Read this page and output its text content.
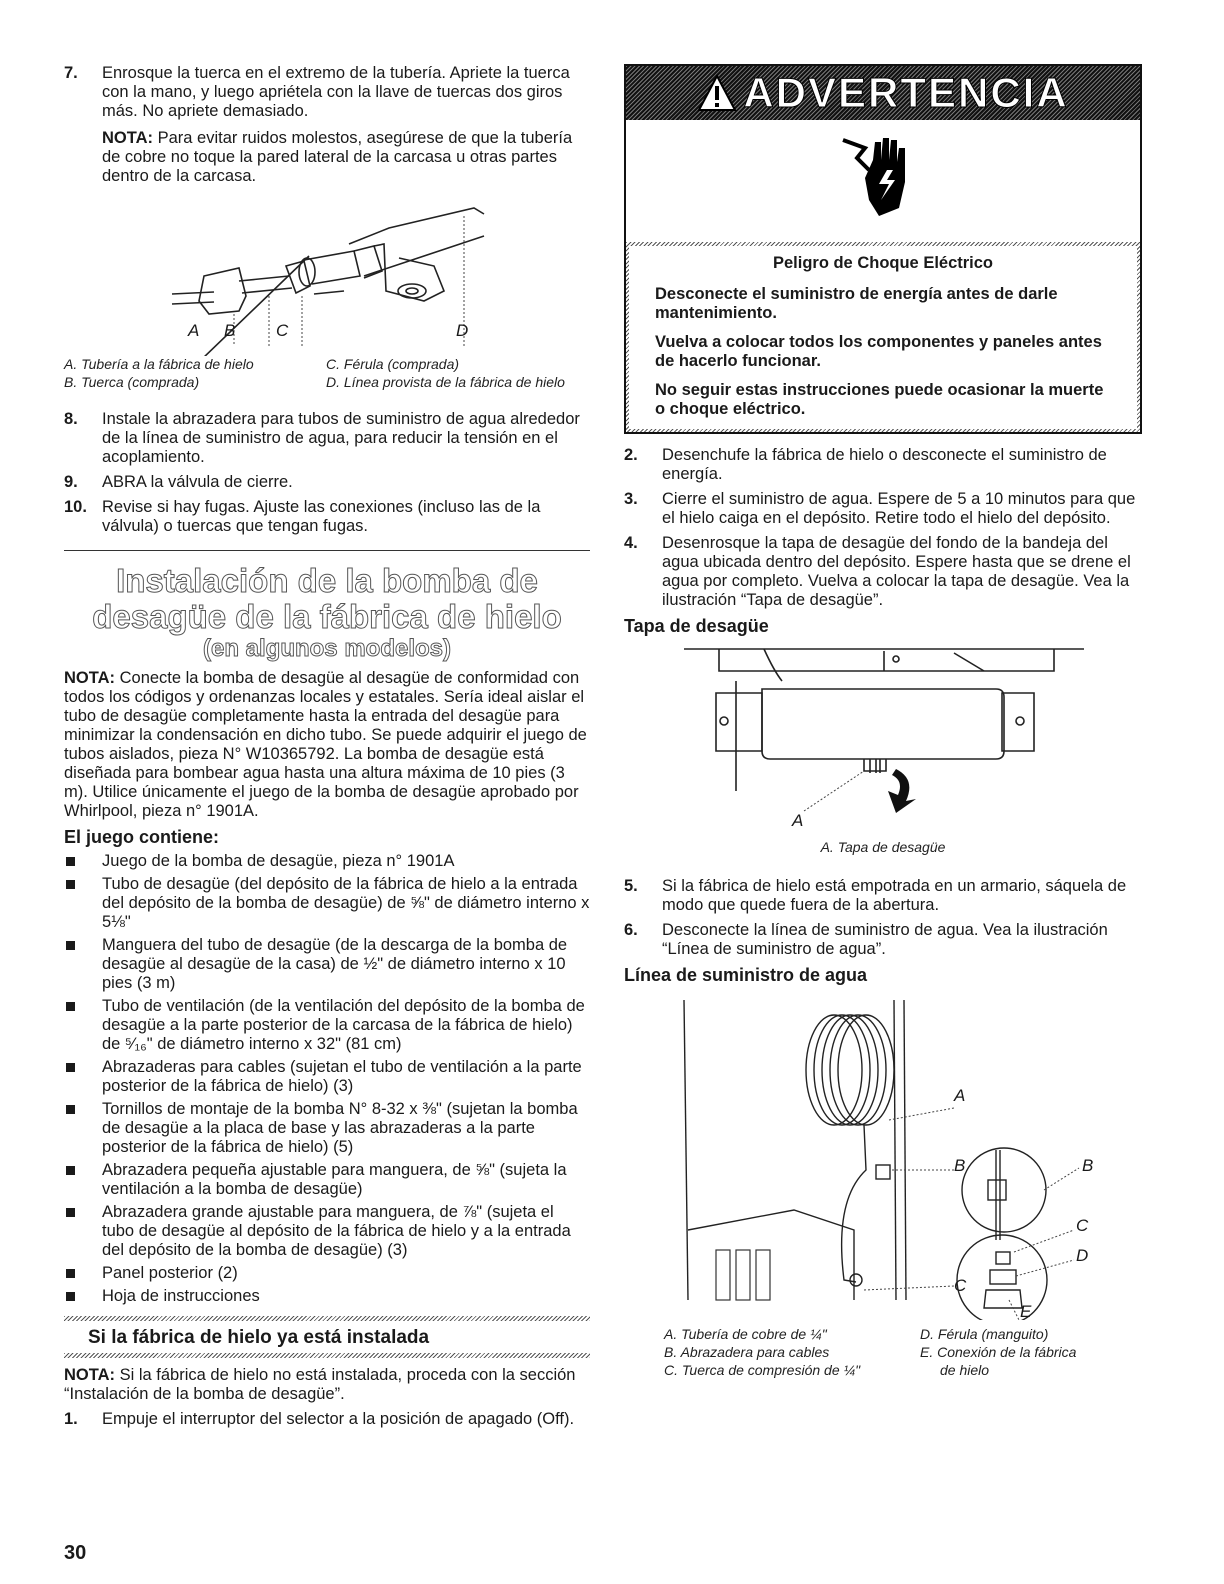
7. Enrosque la tuerca en el extremo de la tubería. Apriete la tuerca con la mano, y luego apriétela con la llave de tuercas dos giros más. No apriete demasiado.

NOTA: Para evitar ruidos molestos, asegúrese de que la tubería de cobre no toque la pared lateral de la carcasa u otras partes dentro de la carcasa.

A B C	D
A. Tubería a la fábrica de hielo
B. Tuerca (comprada)
C. Férula (comprada)
D. Línea provista de la fábrica de hielo
8. Instale la abrazadera para tubos de suministro de agua alrededor de la línea de suministro de agua, para reducir la tensión en el acoplamiento.
9. ABRA la válvula de cierre.
10. Revise si hay fugas. Ajuste las conexiones (incluso las de la válvula) o tuercas que tengan fugas.
Instalación de la bomba de
desagüe de la fábrica de hielo
(en algunos modelos)

NOTA: Conecte la bomba de desagüe al desagüe de conformidad con todos los códigos y ordenanzas locales y estatales. Sería ideal aislar el tubo de desagüe completamente hasta la entrada del desagüe para minimizar la condensación en dicho tubo. Se puede adquirir el juego de tubos aislados, pieza N° W10365792. La bomba de desagüe está diseñada para bombear agua hasta una altura máxima de 10 pies (3 m). Utilice únicamente el juego de la bomba de desagüe aprobado por Whirlpool, pieza n° 1901A.

El juego contiene:
Juego de la bomba de desagüe, pieza n° 1901A
Tubo de desagüe (del depósito de la fábrica de hielo a la entrada del depósito de la bomba de desagüe) de ⅝" de diámetro interno x 5⅛"
Manguera del tubo de desagüe (de la descarga de la bomba de desagüe al desagüe de la casa) de ½" de diámetro interno x 10 pies (3 m)
Tubo de ventilación (de la ventilación del depósito de la bomba de desagüe a la parte posterior de la carcasa de la fábrica de hielo) de ⁵⁄₁₆" de diámetro interno x 32" (81 cm)
Abrazaderas para cables (sujetan el tubo de ventilación a la parte posterior de la fábrica de hielo) (3)
Tornillos de montaje de la bomba N° 8-32 x ⅜" (sujetan la bomba de desagüe a la placa de base y las abrazaderas a la parte posterior de la fábrica de hielo) (5)
Abrazadera pequeña ajustable para manguera, de ⅝" (sujeta la ventilación a la bomba de desagüe)
Abrazadera grande ajustable para manguera, de ⅞" (sujeta el tubo de desagüe al depósito de la fábrica de hielo y a la entrada del depósito de la bomba de desagüe) (3)
Panel posterior (2)
Hoja de instrucciones
Si la fábrica de hielo ya está instalada

NOTA: Si la fábrica de hielo no está instalada, proceda con la sección “Instalación de la bomba de desagüe”.

1. Empuje el interruptor del selector a la posición de apagado (Off).
ADVERTENCIA
Peligro de Choque Eléctrico

Desconecte el suministro de energía antes de darle mantenimiento.

Vuelva a colocar todos los componentes y paneles antes de hacerlo funcionar.

No seguir estas instrucciones puede ocasionar la muerte o choque eléctrico.

2. Desenchufe la fábrica de hielo o desconecte el suministro de energía.
3. Cierre el suministro de agua. Espere de 5 a 10 minutos para que el hielo caiga en el depósito. Retire todo el hielo del depósito.
4. Desenrosque la tapa de desagüe del fondo de la bandeja del agua ubicada dentro del depósito. Espere hasta que se drene el agua por completo. Vuelva a colocar la tapa de desagüe. Vea la ilustración “Tapa de desagüe”.
Tapa de desagüe
A
A. Tapa de desagüe
5. Si la fábrica de hielo está empotrada en un armario, sáquela de modo que quede fuera de la abertura.
6. Desconecte la línea de suministro de agua. Vea la ilustración “Línea de suministro de agua”.
Línea de suministro de agua
A
B	B
C
D
C
E
A. Tubería de cobre de ¼"
B. Abrazadera para cables
C. Tuerca de compresión de ¼"
D. Férula (manguito)
E. Conexión de la fábrica
de hielo
30
